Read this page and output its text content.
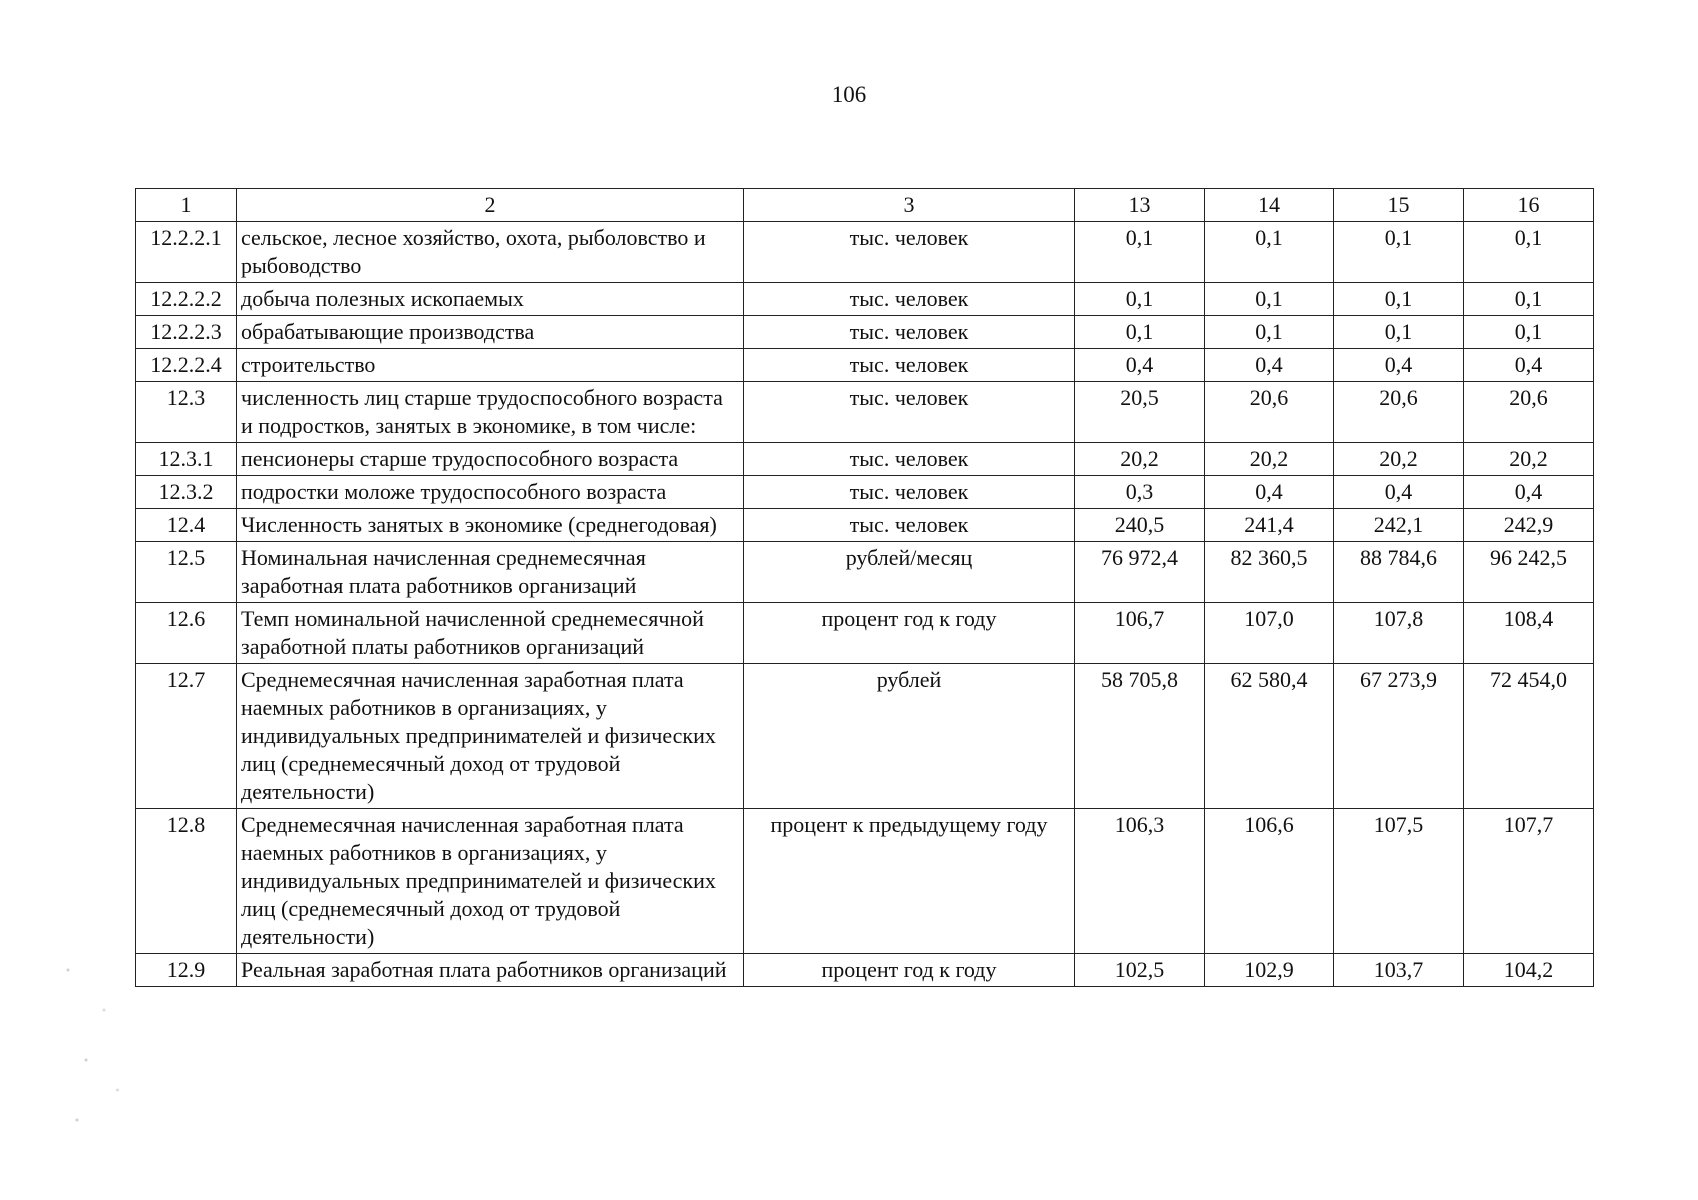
106
1	2	3	13	14	15	16
12.2.2.1	сельское, лесное хозяйство, охота, рыболовство и рыбоводство	тыс. человек	0,1	0,1	0,1	0,1
12.2.2.2	добыча полезных ископаемых	тыс. человек	0,1	0,1	0,1	0,1
12.2.2.3	обрабатывающие производства	тыс. человек	0,1	0,1	0,1	0,1
12.2.2.4	строительство	тыс. человек	0,4	0,4	0,4	0,4
12.3	численность лиц старше трудоспособного возраста и подростков, занятых в экономике, в том числе:	тыс. человек	20,5	20,6	20,6	20,6
12.3.1	пенсионеры старше трудоспособного возраста	тыс. человек	20,2	20,2	20,2	20,2
12.3.2	подростки моложе трудоспособного возраста	тыс. человек	0,3	0,4	0,4	0,4
12.4	Численность занятых в экономике (среднегодовая)	тыс. человек	240,5	241,4	242,1	242,9
12.5	Номинальная начисленная среднемесячная заработная плата работников организаций	рублей/месяц	76 972,4	82 360,5	88 784,6	96 242,5
12.6	Темп номинальной начисленной среднемесячной заработной платы работников организаций	процент год к году	106,7	107,0	107,8	108,4
12.7	Среднемесячная начисленная заработная плата наемных работников в организациях, у индивидуальных предпринимателей и физических лиц (среднемесячный доход от трудовой деятельности)	рублей	58 705,8	62 580,4	67 273,9	72 454,0
12.8	Среднемесячная начисленная заработная плата наемных работников в организациях, у индивидуальных предпринимателей и физических лиц (среднемесячный доход от трудовой деятельности)	процент к предыдущему году	106,3	106,6	107,5	107,7
12.9	Реальная заработная плата работников организаций	процент год к году	102,5	102,9	103,7	104,2
